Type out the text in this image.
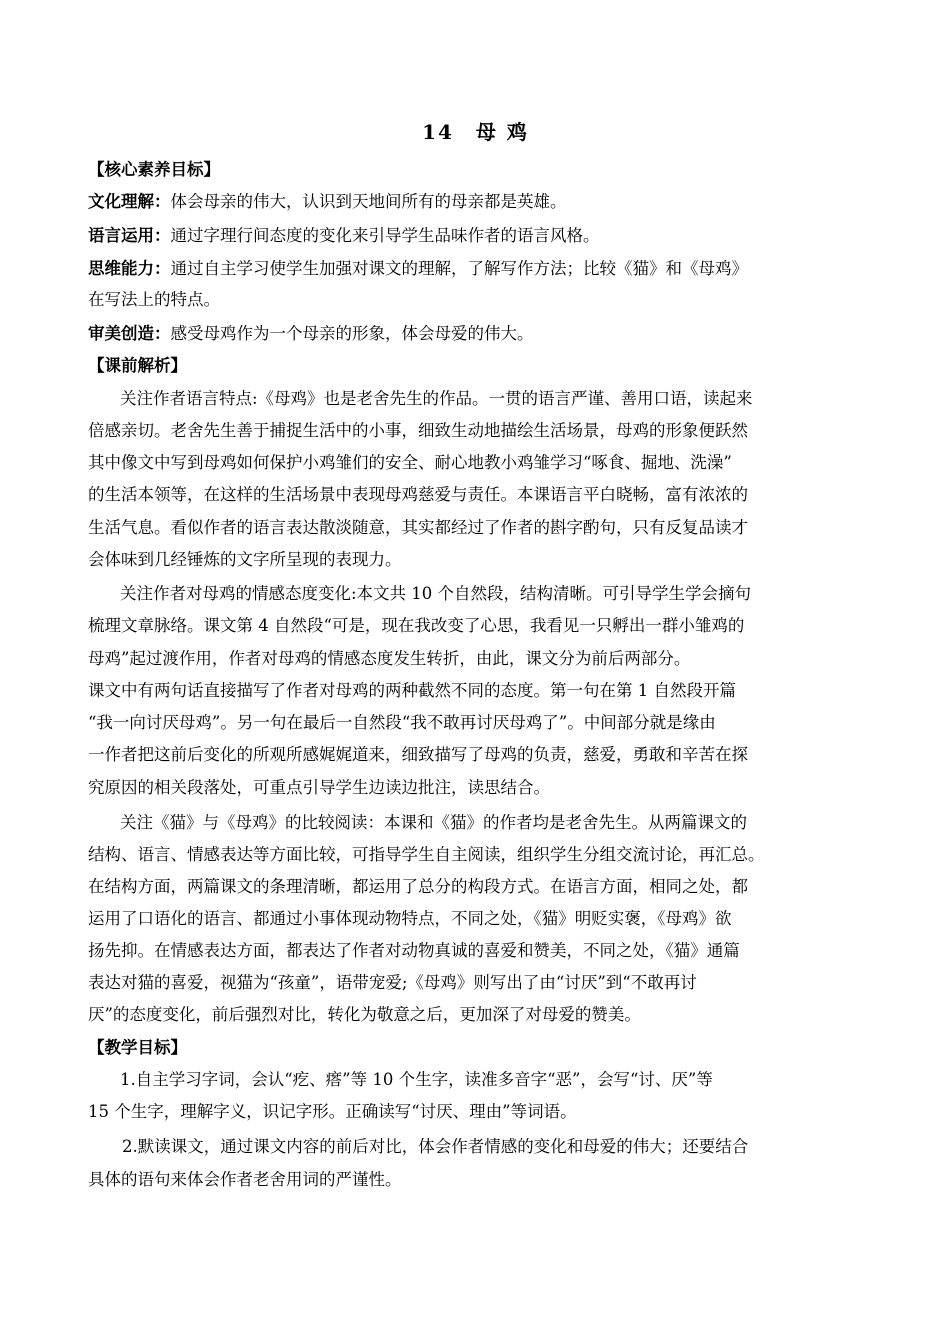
14　母 鸡
【核心素养目标】
文化理解：体会母亲的伟大，认识到天地间所有的母亲都是英雄。
语言运用：通过字理行间态度的变化来引导学生品味作者的语言风格。
思维能力：通过自主学习使学生加强对课文的理解，了解写作方法；比较《猫》和《母鸡》
在写法上的特点。
审美创造：感受母鸡作为一个母亲的形象，体会母爱的伟大。
【课前解析】
关注作者语言特点:《母鸡》也是老舍先生的作品。一贯的语言严谨、善用口语，读起来
倍感亲切。老舍先生善于捕捉生活中的小事，细致生动地描绘生活场景，母鸡的形象便跃然
其中像文中写到母鸡如何保护小鸡雏们的安全、耐心地教小鸡雏学习“啄食、掘地、洗澡”
的生活本领等，在这样的生活场景中表现母鸡慈爱与责任。本课语言平白晓畅，富有浓浓的
生活气息。看似作者的语言表达散淡随意，其实都经过了作者的斟字酌句，只有反复品读才
会体味到几经锤炼的文字所呈现的表现力。
关注作者对母鸡的情感态度变化:本文共 10 个自然段，结构清晰。可引导学生学会摘句
梳理文章脉络。课文第 4 自然段“可是，现在我改变了心思，我看见一只孵出一群小雏鸡的
母鸡”起过渡作用，作者对母鸡的情感态度发生转折，由此，课文分为前后两部分。
课文中有两句话直接描写了作者对母鸡的两种截然不同的态度。第一句在第 1 自然段开篇
“我一向讨厌母鸡”。另一句在最后一自然段“我不敢再讨厌母鸡了”。中间部分就是缘由
一作者把这前后变化的所观所感娓娓道来，细致描写了母鸡的负责，慈爱，勇敢和辛苦在探
究原因的相关段落处，可重点引导学生边读边批注，读思结合。
关注《猫》与《母鸡》的比较阅读：本课和《猫》的作者均是老舍先生。从两篇课文的
结构、语言、情感表达等方面比较，可指导学生自主阅读，组织学生分组交流讨论，再汇总。
在结构方面，两篇课文的条理清晰，都运用了总分的构段方式。在语言方面，相同之处，都
运用了口语化的语言、都通过小事体现动物特点，不同之处，《猫》明贬实褒，《母鸡》欲
扬先抑。在情感表达方面，都表达了作者对动物真诚的喜爱和赞美，不同之处，《猫》通篇
表达对猫的喜爱，视猫为“孩童”，语带宠爱;《母鸡》则写出了由“讨厌”到“不敢再讨
厌”的态度变化，前后强烈对比，转化为敬意之后，更加深了对母爱的赞美。
【教学目标】
1.自主学习字词，会认“疙、瘩”等 10 个生字，读准多音字“恶”，会写“讨、厌”等
15 个生字，理解字义，识记字形。正确读写“讨厌、理由”等词语。
2.默读课文，通过课文内容的前后对比，体会作者情感的变化和母爱的伟大；还要结合
具体的语句来体会作者老舍用词的严谨性。
